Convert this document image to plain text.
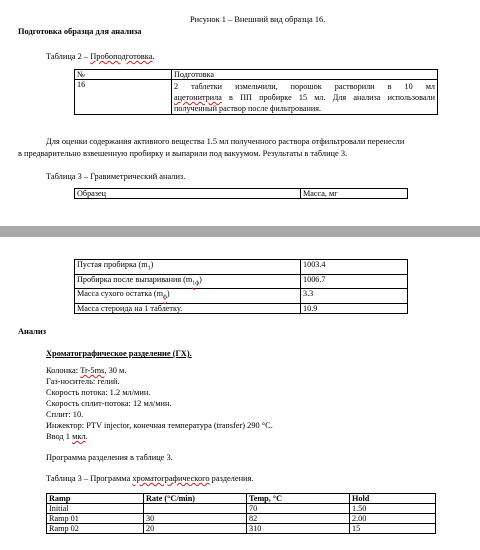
Рисунок 1 – Внешний вид образца 16.
Подготовка образца для анализа
Таблица 2 – Пробоподготовка.
№	Подготовка
16	2 таблетки измельчили, порошок растворили в 10 мл
ацетонитрила в ПП пробирке 15 мл. Для анализа использовали
полученный раствор после фильтрования.
Для оценки содержания активного вещества 1.5 мл полученного раствора отфильтровали перенесли
в предварительно взвешенную пробирку и выпарили под вакуумом. Результаты в таблице 3.
Таблица 3 – Гравиметрический анализ.
Образец	Масса, мг
Пустая пробирка $(m_1)$	1003.4
Пробирка после выпаривания $(m_{1ф})$	1006.7
Масса сухого остатка $(m_ф)$	3.3
Масса стероида на 1 таблетку.	10.9
Анализ
Хроматографическое разделение (ГХ).
Колонка: Tr-5ms, 30 м.
Газ-носитель: гелий.
Скорость потока: 1.2 мл/мин.
Скорость сплит-потока: 12 мл/мин.
Сплит: 10.
Инжектор: PTV injector, конечная температура (transfer) 290 °С.
Ввод 1 мкл.
Программа разделения в таблице 3.
Таблица 3 – Программа хроматографического разделения.
Ramp	Rate (°C/min)	Temp, °C	Hold
Initial		70	1.50
Ramp 01	30	82	2.00
Ramp 02	20	310	15
